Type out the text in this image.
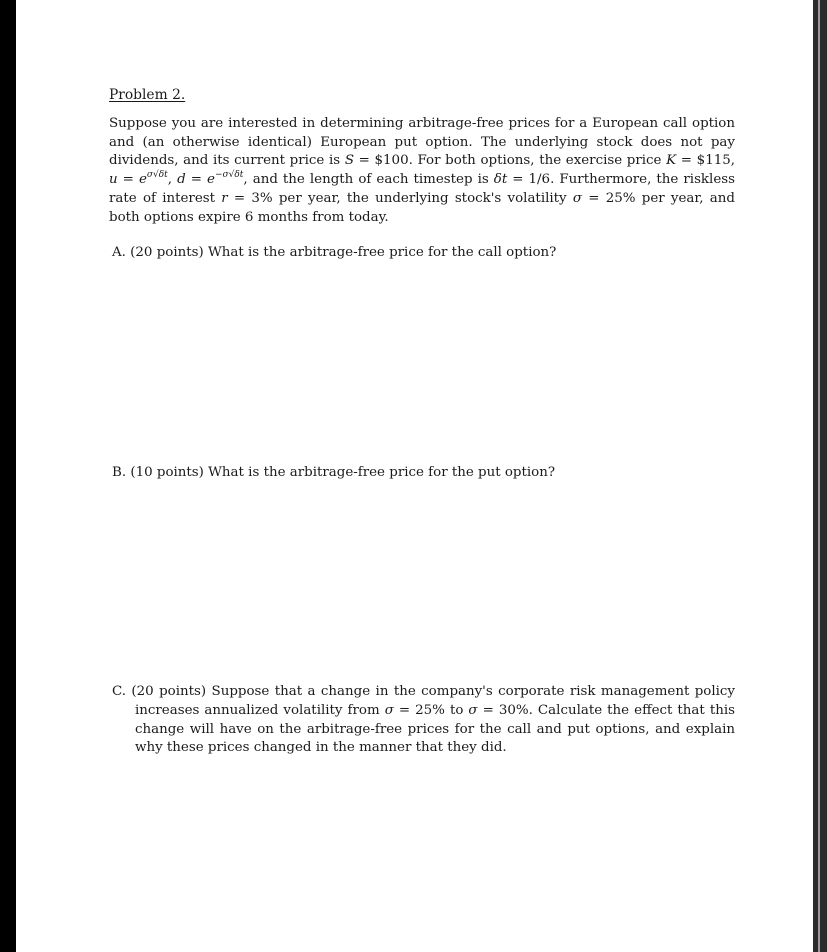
Problem 2.

Suppose you are interested in determining arbitrage-free prices for a European call option and (an otherwise identical) European put option. The underlying stock does not pay dividends, and its current price is S = $100. For both options, the exercise price K = $115, $u = e^{\sigma√\delta t}$, $d = e^{-\sigma√\delta t}$, and the length of each timestep is δt = 1/6. Furthermore, the riskless rate of interest r = 3% per year, the underlying stock's volatility σ = 25% per year, and both options expire 6 months from today.

A. (20 points) What is the arbitrage-free price for the call option?

B. (10 points) What is the arbitrage-free price for the put option?

C. (20 points) Suppose that a change in the company's corporate risk management policy increases annualized volatility from σ = 25% to σ = 30%. Calculate the effect that this change will have on the arbitrage-free prices for the call and put options, and explain why these prices changed in the manner that they did.
